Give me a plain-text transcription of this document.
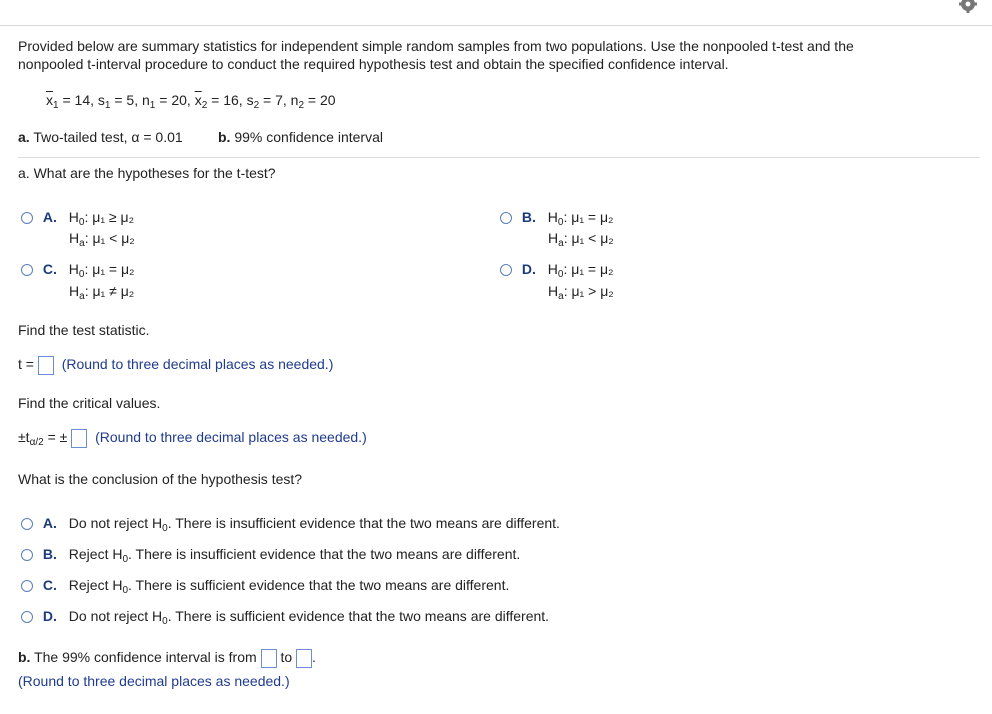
Provided below are summary statistics for independent simple random samples from two populations. Use the nonpooled t-test and the
nonpooled t-interval procedure to conduct the required hypothesis test and obtain the specified confidence interval.
$\overline{x}_1 = 14$, $s_1 = 5$, $n_1 = 20$, $\overline{x}_2 = 16$, $s_2 = 7$, $n_2 = 20$
a. Two-tailed test, α = 0.01	b. 99% confidence interval
a. What are the hypotheses for the t-test?
A. $H_0$: μ₁ ≥ μ₂
$H_a$: μ₁ < μ₂
B. $H_0$: μ₁ = μ₂
$H_a$: μ₁ < μ₂
C. $H_0$: μ₁ = μ₂
$H_a$: μ₁ ≠ μ₂
D. $H_0$: μ₁ = μ₂
$H_a$: μ₁ > μ₂
Find the test statistic.
t = (Round to three decimal places as needed.)
Find the critical values.
$\pm t_{\alpha/2}$ = ± (Round to three decimal places as needed.)
What is the conclusion of the hypothesis test?
A. Do not reject $H_0$. There is insufficient evidence that the two means are different.
B. Reject $H_0$. There is insufficient evidence that the two means are different.
C. Reject $H_0$. There is sufficient evidence that the two means are different.
D. Do not reject $H_0$. There is sufficient evidence that the two means are different.
b. The 99% confidence interval is from to .
(Round to three decimal places as needed.)
